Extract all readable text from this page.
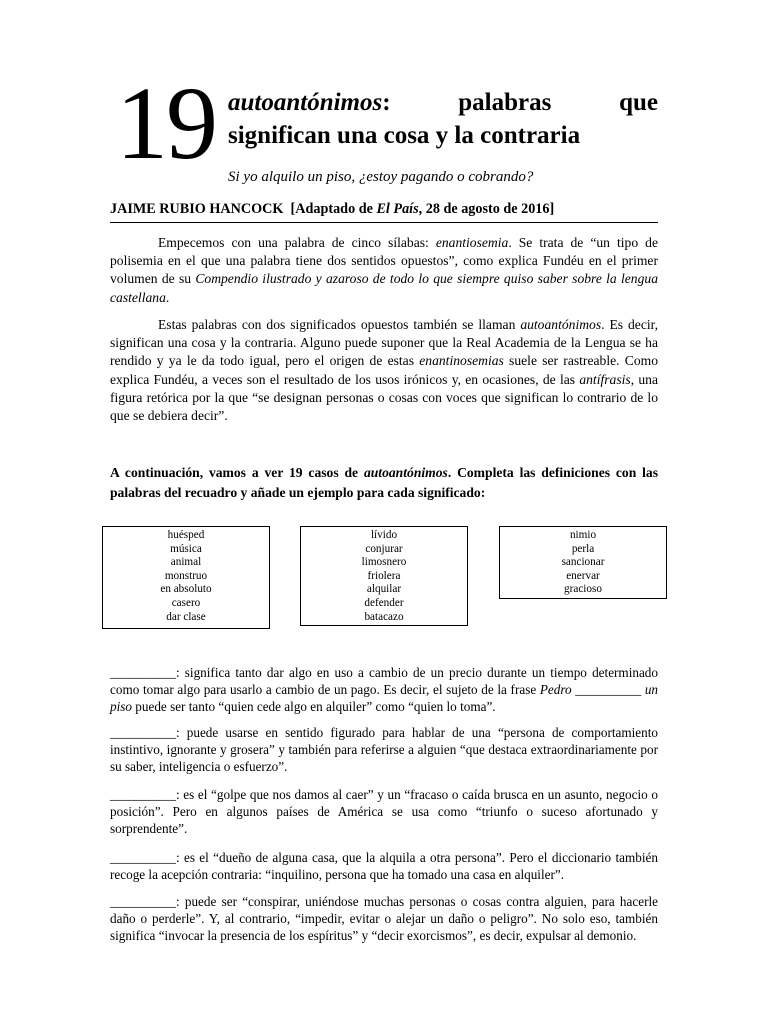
19 autoantónimos:	palabras	que
significan una cosa y la contraria
Si yo alquilo un piso, ¿estoy pagando o cobrando?
JAIME RUBIO HANCOCK [Adaptado de El País, 28 de agosto de 2016]

Empecemos con una palabra de cinco sílabas: enantiosemia. Se trata de “un tipo de polisemia en el que una palabra tiene dos sentidos opuestos”, como explica Fundéu en el primer volumen de su Compendio ilustrado y azaroso de todo lo que siempre quiso saber sobre la lengua castellana.

Estas palabras con dos significados opuestos también se llaman autoantónimos. Es decir, significan una cosa y la contraria. Alguno puede suponer que la Real Academia de la Lengua se ha rendido y ya le da todo igual, pero el origen de estas enantinosemias suele ser rastreable. Como explica Fundéu, a veces son el resultado de los usos irónicos y, en ocasiones, de las antífrasis, una figura retórica por la que “se designan personas o cosas con voces que significan lo contrario de lo que se debiera decir”.

A continuación, vamos a ver 19 casos de autoantónimos. Completa las definiciones con las palabras del recuadro y añade un ejemplo para cada significado:
huésped
música
animal
monstruo
en absoluto
casero
dar clase
lívido
conjurar
limosnero
friolera
alquilar
defender
batacazo
nimio
perla
sancionar
enervar
gracioso

__________: significa tanto dar algo en uso a cambio de un precio durante un tiempo determinado como tomar algo para usarlo a cambio de un pago. Es decir, el sujeto de la frase Pedro __________ un piso puede ser tanto “quien cede algo en alquiler” como “quien lo toma”.

__________: puede usarse en sentido figurado para hablar de una “persona de comportamiento instintivo, ignorante y grosera” y también para referirse a alguien “que destaca extraordinariamente por su saber, inteligencia o esfuerzo”.

__________: es el “golpe que nos damos al caer” y un “fracaso o caída brusca en un asunto, negocio o posición”. Pero en algunos países de América se usa como “triunfo o suceso afortunado y sorprendente”.

__________: es el “dueño de alguna casa, que la alquila a otra persona”. Pero el diccionario también recoge la acepción contraria: “inquilino, persona que ha tomado una casa en alquiler”.

__________: puede ser “conspirar, uniéndose muchas personas o cosas contra alguien, para hacerle daño o perderle”. Y, al contrario, “impedir, evitar o alejar un daño o peligro”. No solo eso, también significa “invocar la presencia de los espíritus” y “decir exorcismos”, es decir, expulsar al demonio.
